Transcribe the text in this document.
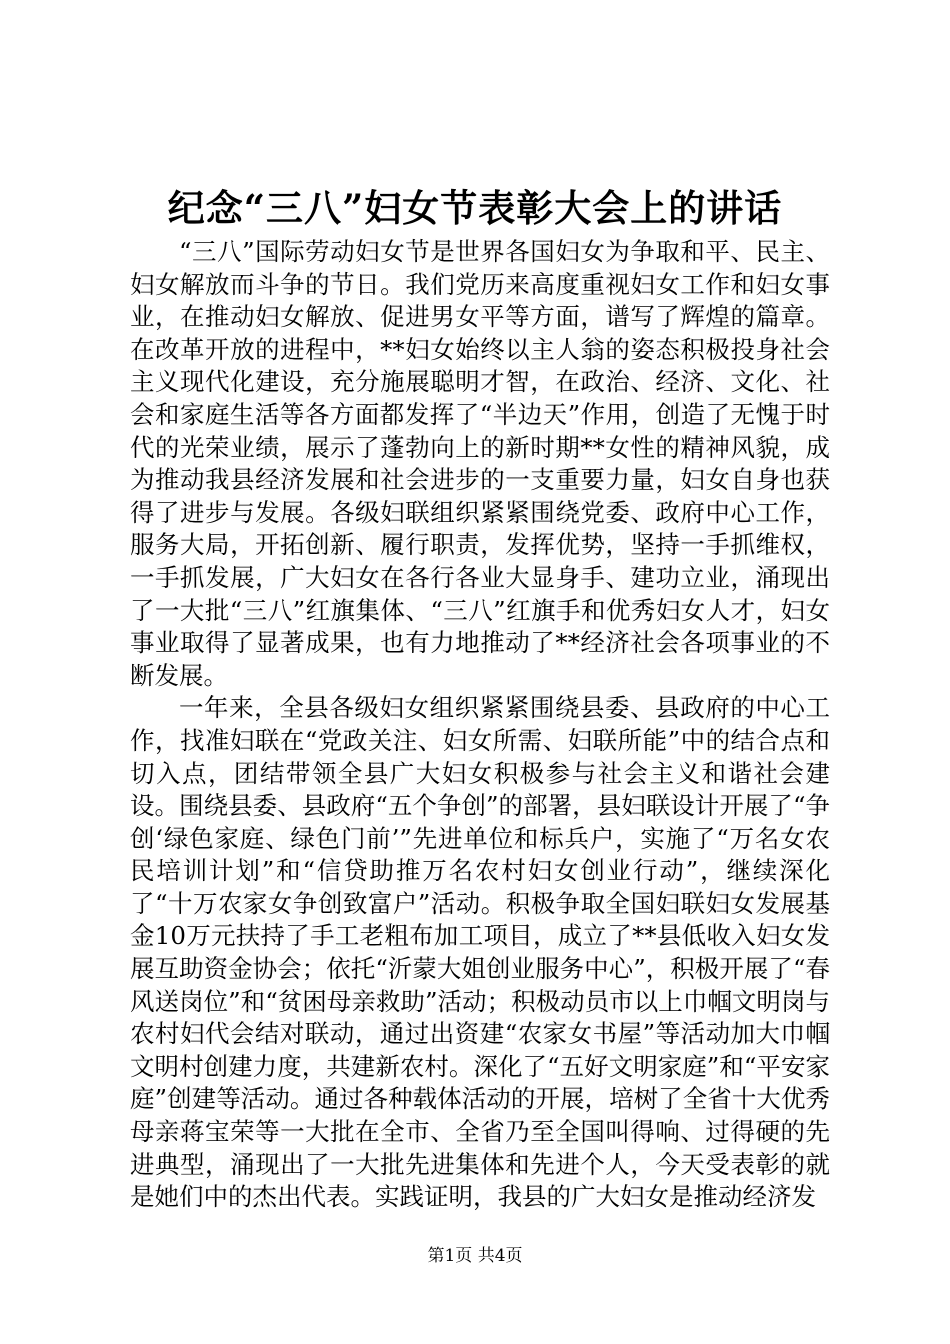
纪念“三八”妇女节表彰大会上的讲话

“三八”国际劳动妇女节是世界各国妇女为争取和平、民主、妇女解放而斗争的节日。我们党历来高度重视妇女工作和妇女事业，在推动妇女解放、促进男女平等方面，谱写了辉煌的篇章。在改革开放的进程中，**妇女始终以主人翁的姿态积极投身社会主义现代化建设，充分施展聪明才智，在政治、经济、文化、社会和家庭生活等各方面都发挥了“半边天”作用，创造了无愧于时代的光荣业绩，展示了蓬勃向上的新时期**女性的精神风貌，成为推动我县经济发展和社会进步的一支重要力量，妇女自身也获得了进步与发展。各级妇联组织紧紧围绕党委、政府中心工作，服务大局，开拓创新、履行职责，发挥优势，坚持一手抓维权，一手抓发展，广大妇女在各行各业大显身手、建功立业，涌现出了一大批“三八”红旗集体、“三八”红旗手和优秀妇女人才，妇女事业取得了显著成果，也有力地推动了**经济社会各项事业的不断发展。

一年来，全县各级妇女组织紧紧围绕县委、县政府的中心工作，找准妇联在“党政关注、妇女所需、妇联所能”中的结合点和切入点，团结带领全县广大妇女积极参与社会主义和谐社会建设。围绕县委、县政府“五个争创”的部署，县妇联设计开展了“争创‘绿色家庭、绿色门前’”先进单位和标兵户，实施了“万名女农民培训计划”和“信贷助推万名农村妇女创业行动”，继续深化了“十万农家女争创致富户”活动。积极争取全国妇联妇女发展基金10万元扶持了手工老粗布加工项目，成立了**县低收入妇女发展互助资金协会；依托“沂蒙大姐创业服务中心”，积极开展了“春风送岗位”和“贫困母亲救助”活动；积极动员市以上巾帼文明岗与农村妇代会结对联动，通过出资建“农家女书屋”等活动加大巾帼文明村创建力度，共建新农村。深化了“五好文明家庭”和“平安家庭”创建等活动。通过各种载体活动的开展，培树了全省十大优秀母亲蒋宝荣等一大批在全市、全省乃至全国叫得响、过得硬的先进典型，涌现出了一大批先进集体和先进个人，今天受表彰的就是她们中的杰出代表。实践证明，我县的广大妇女是推动经济发

第1页 共4页
